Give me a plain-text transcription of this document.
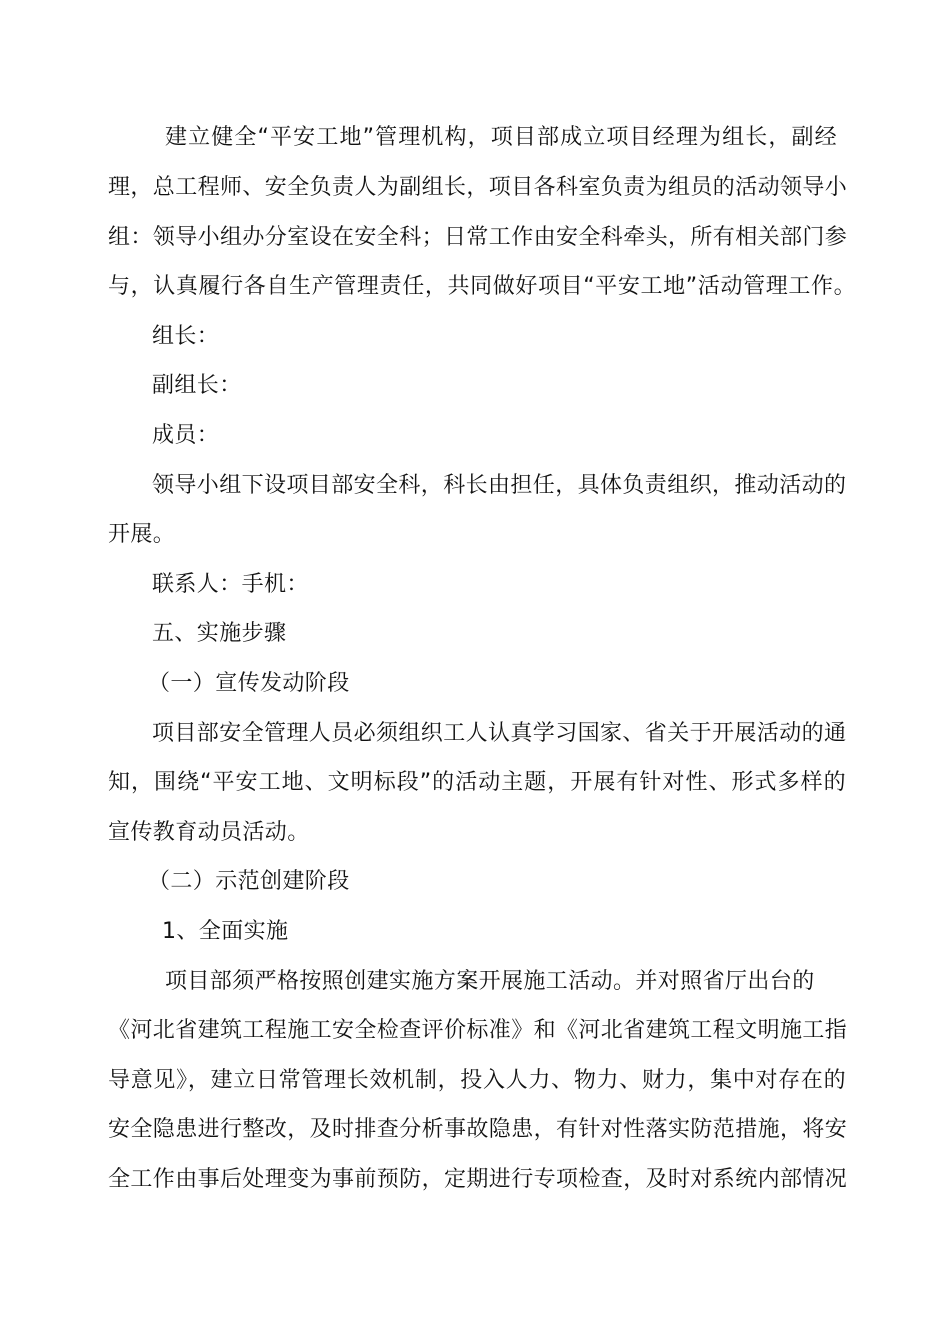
建立健全“平安工地”管理机构，项目部成立项目经理为组长，副经
理，总工程师、安全负责人为副组长，项目各科室负责为组员的活动领导小
组：领导小组办分室设在安全科；日常工作由安全科牵头，所有相关部门参
与，认真履行各自生产管理责任，共同做好项目“平安工地”活动管理工作。
组长：
副组长：
成员：
领导小组下设项目部安全科，科长由担任，具体负责组织，推动活动的
开展。
联系人：手机：
五、实施步骤
（一）宣传发动阶段
项目部安全管理人员必须组织工人认真学习国家、省关于开展活动的通
知，围绕“平安工地、文明标段”的活动主题，开展有针对性、形式多样的
宣传教育动员活动。
（二）示范创建阶段
1、全面实施
项目部须严格按照创建实施方案开展施工活动。并对照省厅出台的
《河北省建筑工程施工安全检查评价标准》和《河北省建筑工程文明施工指
导意见》，建立日常管理长效机制，投入人力、物力、财力，集中对存在的
安全隐患进行整改，及时排查分析事故隐患，有针对性落实防范措施，将安
全工作由事后处理变为事前预防，定期进行专项检查，及时对系统内部情况
